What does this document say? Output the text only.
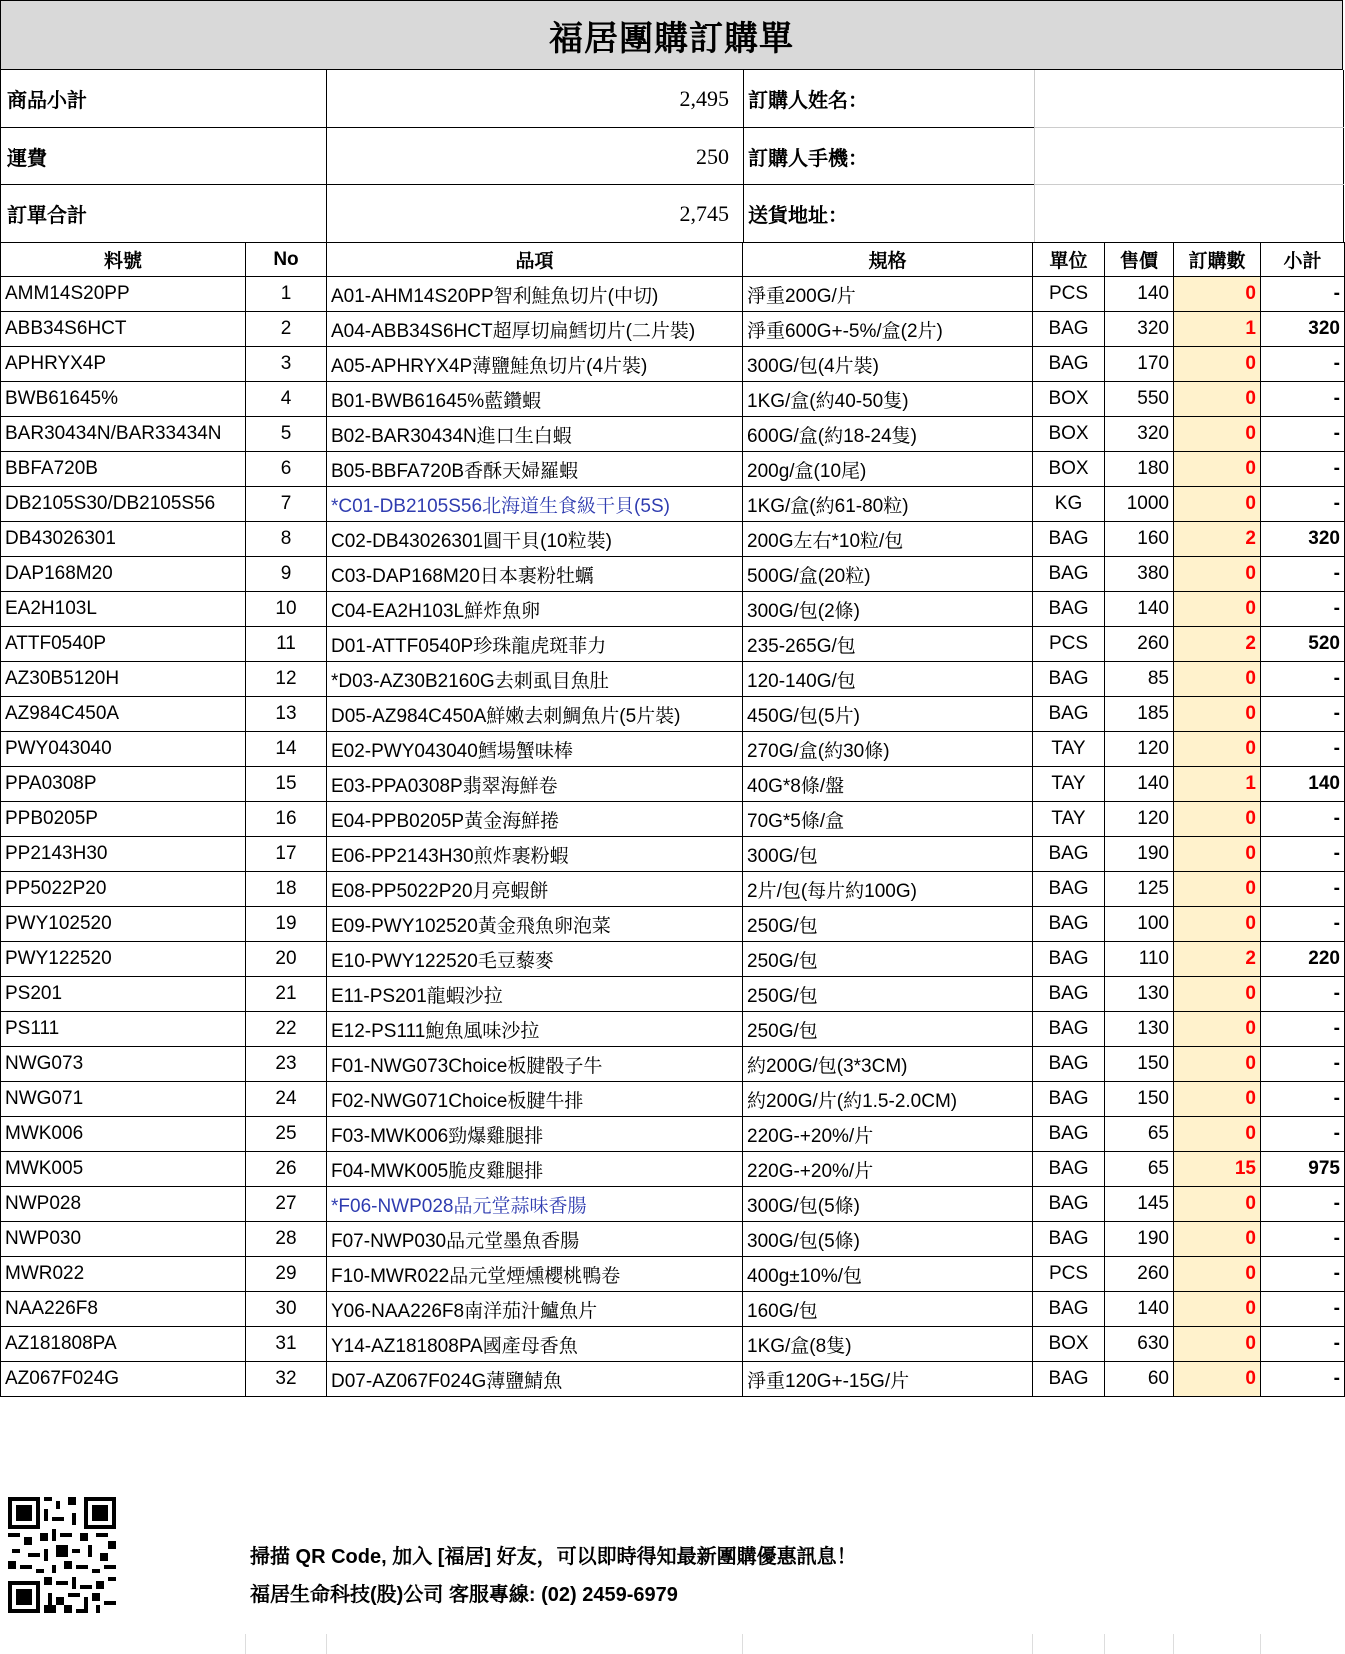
福居團購訂購單
商品小計	2,495 訂購人姓名：
運費	250 訂購人手機：
訂單合計	2,745 送貨地址：
料號	No	品項	規格	單位	售價	訂購數	小計
AMM14S20PP	1	A01-AHM14S20PP智利鮭魚切片(中切)	淨重200G/片	PCS	140	0	-
ABB34S6HCT	2	A04-ABB34S6HCT超厚切扁鱈切片(二片裝)	淨重600G+-5%/盒(2片)	BAG	320	1	320
APHRYX4P	3	A05-APHRYX4P薄鹽鮭魚切片(4片裝)	300G/包(4片裝)	BAG	170	0	-
BWB61645%	4	B01-BWB61645%藍鑽蝦	1KG/盒(約40-50隻)	BOX	550	0	-
BAR30434N/BAR33434N	5	B02-BAR30434N進口生白蝦	600G/盒(約18-24隻)	BOX	320	0	-
BBFA720B	6	B05-BBFA720B香酥天婦羅蝦	200g/盒(10尾)	BOX	180	0	-
DB2105S30/DB2105S56	7	*C01-DB2105S56北海道生食級干貝(5S)	1KG/盒(約61-80粒)	KG	1000	0	-
DB43026301	8	C02-DB43026301圓干貝(10粒裝)	200G左右*10粒/包	BAG	160	2	320
DAP168M20	9	C03-DAP168M20日本裹粉牡蠣	500G/盒(20粒)	BAG	380	0	-
EA2H103L	10	C04-EA2H103L鮮炸魚卵	300G/包(2條)	BAG	140	0	-
ATTF0540P	11	D01-ATTF0540P珍珠龍虎斑菲力	235-265G/包	PCS	260	2	520
AZ30B5120H	12	*D03-AZ30B2160G去刺虱目魚肚	120-140G/包	BAG	85	0	-
AZ984C450A	13	D05-AZ984C450A鮮嫩去刺鯛魚片(5片裝)	450G/包(5片)	BAG	185	0	-
PWY043040	14	E02-PWY043040鱈場蟹味棒	270G/盒(約30條)	TAY	120	0	-
PPA0308P	15	E03-PPA0308P翡翠海鮮卷	40G*8條/盤	TAY	140	1	140
PPB0205P	16	E04-PPB0205P黃金海鮮捲	70G*5條/盒	TAY	120	0	-
PP2143H30	17	E06-PP2143H30煎炸裹粉蝦	300G/包	BAG	190	0	-
PP5022P20	18	E08-PP5022P20月亮蝦餅	2片/包(每片約100G)	BAG	125	0	-
PWY102520	19	E09-PWY102520黃金飛魚卵泡菜	250G/包	BAG	100	0	-
PWY122520	20	E10-PWY122520毛豆藜麥	250G/包	BAG	110	2	220
PS201	21	E11-PS201龍蝦沙拉	250G/包	BAG	130	0	-
PS111	22	E12-PS111鮑魚風味沙拉	250G/包	BAG	130	0	-
NWG073	23	F01-NWG073Choice板腱骰子牛	約200G/包(3*3CM)	BAG	150	0	-
NWG071	24	F02-NWG071Choice板腱牛排	約200G/片(約1.5-2.0CM)	BAG	150	0	-
MWK006	25	F03-MWK006勁爆雞腿排	220G-+20%/片	BAG	65	0	-
MWK005	26	F04-MWK005脆皮雞腿排	220G-+20%/片	BAG	65	15	975
NWP028	27	*F06-NWP028品元堂蒜味香腸	300G/包(5條)	BAG	145	0	-
NWP030	28	F07-NWP030品元堂墨魚香腸	300G/包(5條)	BAG	190	0	-
MWR022	29	F10-MWR022品元堂煙燻櫻桃鴨卷	400g±10%/包	PCS	260	0	-
NAA226F8	30	Y06-NAA226F8南洋茄汁鱸魚片	160G/包	BAG	140	0	-
AZ181808PA	31	Y14-AZ181808PA國產母香魚	1KG/盒(8隻)	BOX	630	0	-
AZ067F024G	32	D07-AZ067F024G薄鹽鯖魚	淨重120G+-15G/片	BAG	60	0	-
掃描 QR Code, 加入 [福居] 好友，可以即時得知最新團購優惠訊息！
福居生命科技(股)公司 客服專線: (02) 2459-6979
